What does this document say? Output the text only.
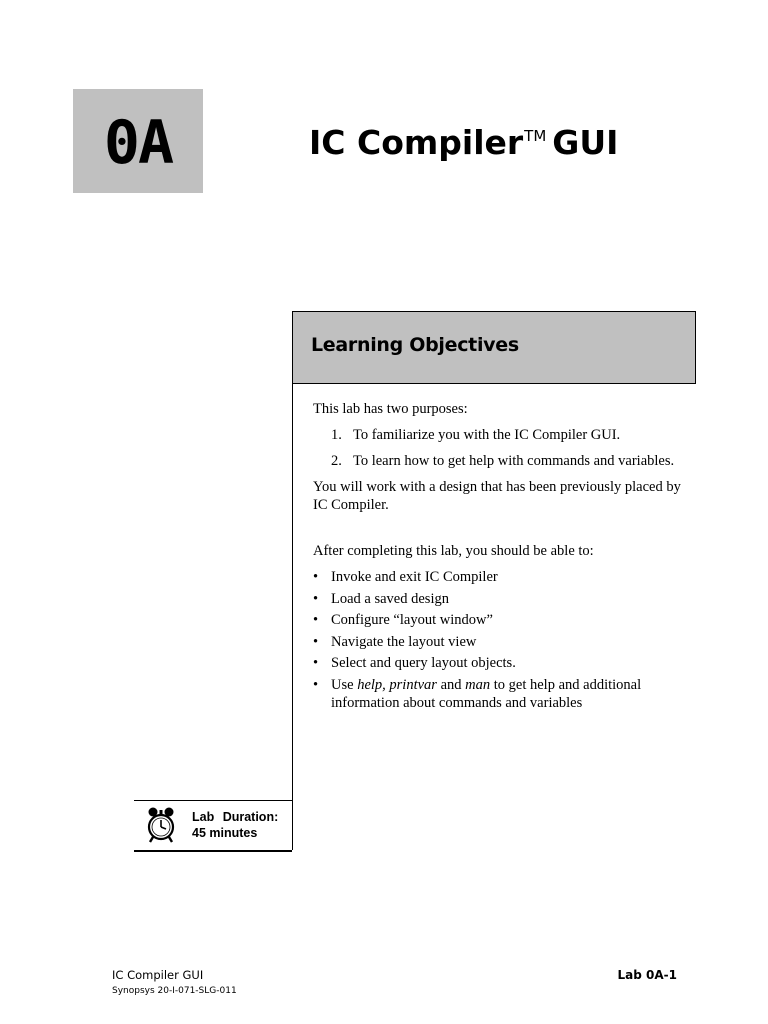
0A	IC Compiler™ GUI
Learning Objectives

This lab has two purposes:

1. To familiarize you with the IC Compiler GUI.
2. To learn how to get help with commands and variables.

You will work with a design that has been previously placed by IC Compiler.

After completing this lab, you should be able to:

• Invoke and exit IC Compiler
• Load a saved design
• Configure “layout window”
• Navigate the layout view
• Select and query layout objects.
• Use help, printvar and man to get help and additional information about commands and variables
Lab Duration:
45 minutes
IC Compiler GUI
Synopsys 20-I-071-SLG-011
Lab 0A-1
